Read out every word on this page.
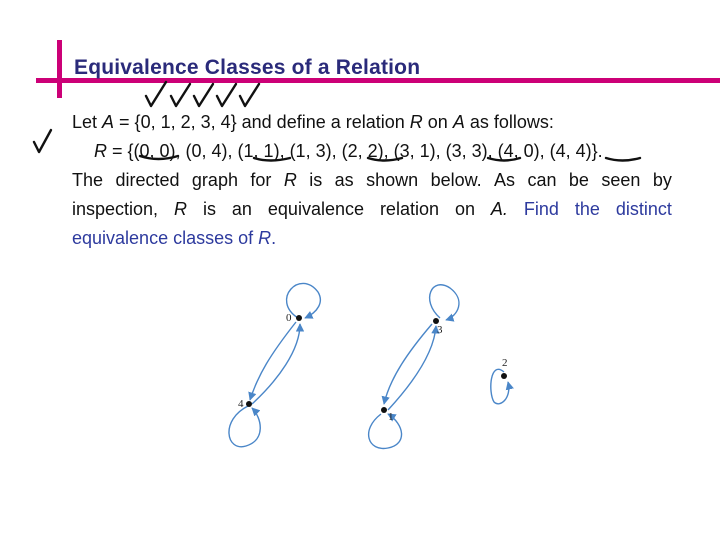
Equivalence Classes of a Relation
Let A = {0, 1, 2, 3, 4} and define a relation R on A as follows:
R = {(0, 0), (0, 4), (1, 1), (1, 3), (2, 2), (3, 1), (3, 3), (4, 0), (4, 4)}.
The directed graph for R is as shown below. As can be seen by
inspection, R is an equivalence relation on A. Find the distinct
equivalence classes of R.
0
3
2
4
1
